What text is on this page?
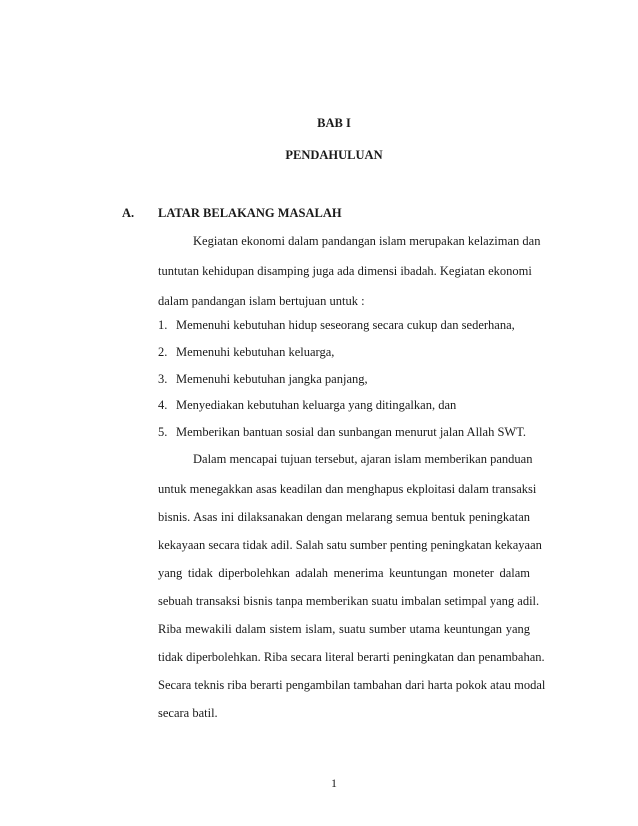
BAB I
PENDAHULUAN
A. LATAR BELAKANG MASALAH
Kegiatan ekonomi dalam pandangan islam merupakan kelaziman dan
tuntutan kehidupan disamping juga ada dimensi ibadah. Kegiatan ekonomi
dalam pandangan islam bertujuan untuk :
1. Memenuhi kebutuhan hidup seseorang secara cukup dan sederhana,
2. Memenuhi kebutuhan keluarga,
3. Memenuhi kebutuhan jangka panjang,
4. Menyediakan kebutuhan keluarga yang ditingalkan, dan
5. Memberikan bantuan sosial dan sunbangan menurut jalan Allah SWT.
Dalam mencapai tujuan tersebut, ajaran islam memberikan panduan
untuk menegakkan asas keadilan dan menghapus ekploitasi dalam transaksi
bisnis. Asas ini dilaksanakan dengan melarang semua bentuk peningkatan
kekayaan secara tidak adil. Salah satu sumber penting peningkatan kekayaan
yang tidak diperbolehkan adalah menerima keuntungan moneter dalam
sebuah transaksi bisnis tanpa memberikan suatu imbalan setimpal yang adil.
Riba mewakili dalam sistem islam, suatu sumber utama keuntungan yang
tidak diperbolehkan. Riba secara literal berarti peningkatan dan penambahan.
Secara teknis riba berarti pengambilan tambahan dari harta pokok atau modal
secara batil.
1
